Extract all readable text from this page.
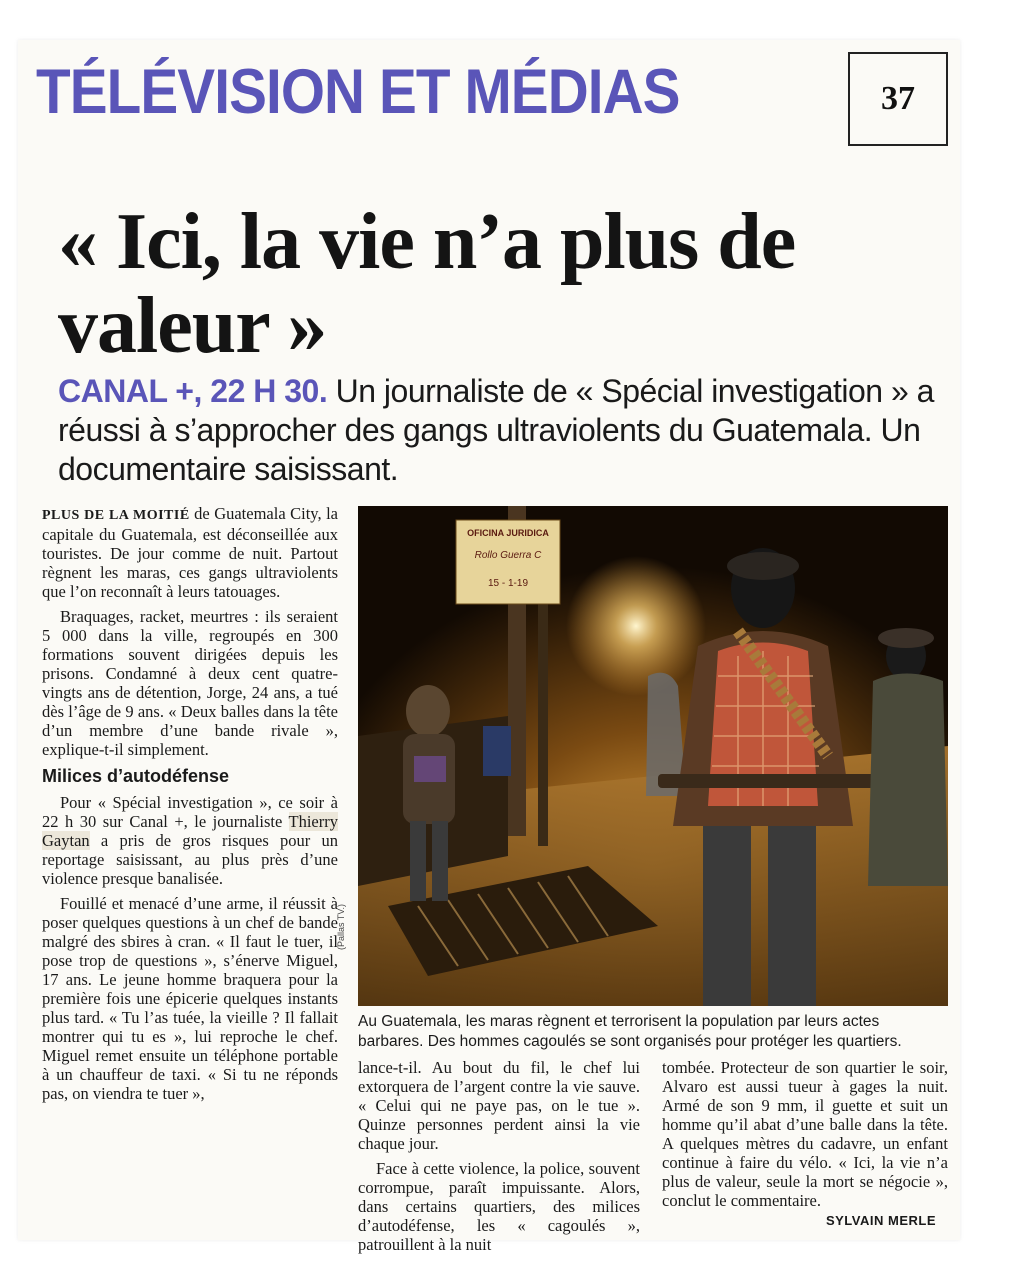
TÉLÉVISION ET MÉDIAS	37
« Ici, la vie n’a plus de valeur »

CANAL +, 22 H 30. Un journaliste de « Spécial investigation » a réussi à s’approcher des gangs ultraviolents du Guatemala. Un documentaire saisissant.

PLUS DE LA MOITIÉ de Guatemala City, la capitale du Guatemala, est déconseillée aux touristes. De jour comme de nuit. Partout règnent les maras, ces gangs ultraviolents que l’on reconnaît à leurs tatouages.

Braquages, racket, meurtres : ils seraient 5 000 dans la ville, regroupés en 300 formations souvent dirigées depuis les prisons. Condamné à deux cent quatre-vingts ans de détention, Jorge, 24 ans, a tué dès l’âge de 9 ans. « Deux balles dans la tête d’un membre d’une bande rivale », explique-t-il simplement.

Milices d’autodéfense

Pour « Spécial investigation », ce soir à 22 h 30 sur Canal +, le journaliste Thierry Gaytan a pris de gros risques pour un reportage saisissant, au plus près d’une violence presque banalisée.

Fouillé et menacé d’une arme, il réussit à poser quelques questions à un chef de bande malgré des sbires à cran. « Il faut le tuer, il pose trop de questions », s’énerve Miguel, 17 ans. Le jeune homme braquera pour la première fois une épicerie quelques instants plus tard. « Tu l’as tuée, la vieille ? Il fallait montrer qui tu es », lui reproche le chef. Miguel remet ensuite un téléphone portable à un chauffeur de taxi. « Si tu ne réponds pas, on viendra te tuer »,

OFICINA JURIDICA
Rollo Guerra C
15 - 1-19
(Pallas TV.)

Au Guatemala, les maras règnent et terrorisent la population par leurs actes barbares. Des hommes cagoulés se sont organisés pour protéger les quartiers.

lance-t-il. Au bout du fil, le chef lui extorquera de l’argent contre la vie sauve. « Celui qui ne paye pas, on le tue ». Quinze personnes perdent ainsi la vie chaque jour.

Face à cette violence, la police, souvent corrompue, paraît impuissante. Alors, dans certains quartiers, des milices d’autodéfense, les « cagoulés », patrouillent à la nuit

tombée. Protecteur de son quartier le soir, Alvaro est aussi tueur à gages la nuit. Armé de son 9 mm, il guette et suit un homme qu’il abat d’une balle dans la tête. A quelques mètres du cadavre, un enfant continue à faire du vélo. « Ici, la vie n’a plus de valeur, seule la mort se négocie », conclut le commentaire.

SYLVAIN MERLE
